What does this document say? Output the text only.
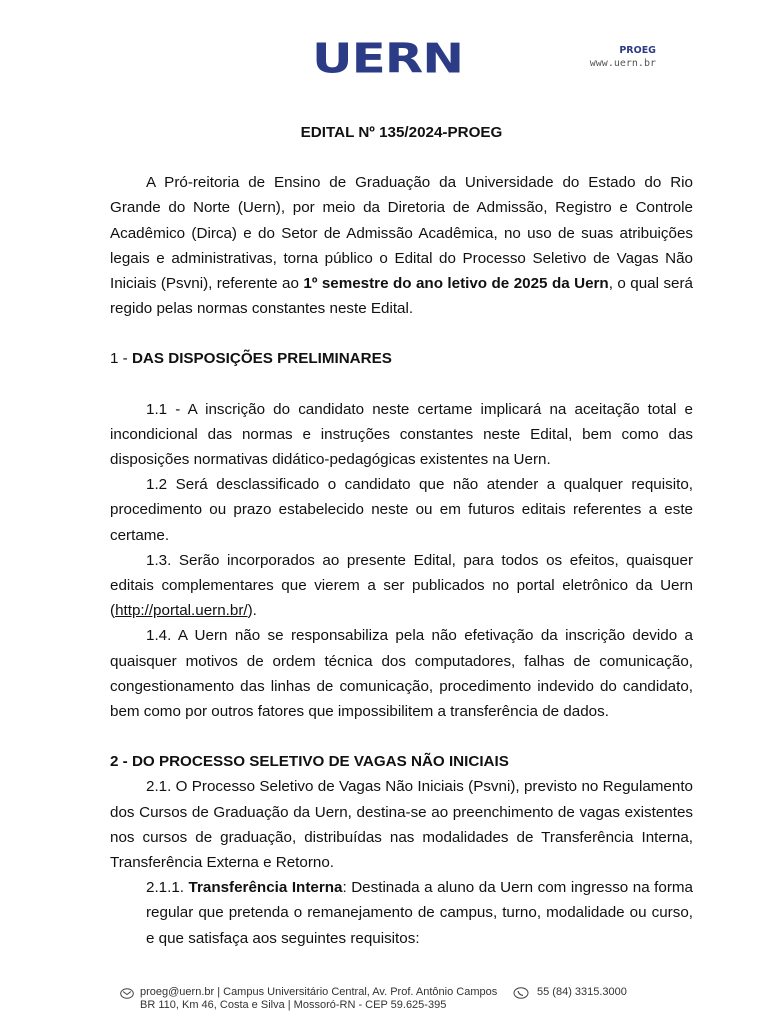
UERN	PROEG
www.uern.br

EDITAL Nº 135/2024-PROEG

A Pró-reitoria de Ensino de Graduação da Universidade do Estado do Rio Grande do Norte (Uern), por meio da Diretoria de Admissão, Registro e Controle Acadêmico (Dirca) e do Setor de Admissão Acadêmica, no uso de suas atribuições legais e administrativas, torna público o Edital do Processo Seletivo de Vagas Não Iniciais (Psvni), referente ao 1º semestre do ano letivo de 2025 da Uern, o qual será regido pelas normas constantes neste Edital.

1 - DAS DISPOSIÇÕES PRELIMINARES

1.1 - A inscrição do candidato neste certame implicará na aceitação total e incondicional das normas e instruções constantes neste Edital, bem como das disposições normativas didático-pedagógicas existentes na Uern.

1.2 Será desclassificado o candidato que não atender a qualquer requisito, procedimento ou prazo estabelecido neste ou em futuros editais referentes a este certame.

1.3. Serão incorporados ao presente Edital, para todos os efeitos, quaisquer editais complementares que vierem a ser publicados no portal eletrônico da Uern (http://portal.uern.br/).

1.4. A Uern não se responsabiliza pela não efetivação da inscrição devido a quaisquer motivos de ordem técnica dos computadores, falhas de comunicação, congestionamento das linhas de comunicação, procedimento indevido do candidato, bem como por outros fatores que impossibilitem a transferência de dados.

2 - DO PROCESSO SELETIVO DE VAGAS NÃO INICIAIS

2.1. O Processo Seletivo de Vagas Não Iniciais (Psvni), previsto no Regulamento dos Cursos de Graduação da Uern, destina-se ao preenchimento de vagas existentes nos cursos de graduação, distribuídas nas modalidades de Transferência Interna, Transferência Externa e Retorno.

2.1.1. Transferência Interna: Destinada a aluno da Uern com ingresso na forma regular que pretenda o remanejamento de campus, turno, modalidade ou curso, e que satisfaça aos seguintes requisitos:

proeg@uern.br | Campus Universitário Central, Av. Prof. Antônio Campos	55 (84) 3315.3000
BR 110, Km 46, Costa e Silva | Mossoró-RN - CEP 59.625-395
